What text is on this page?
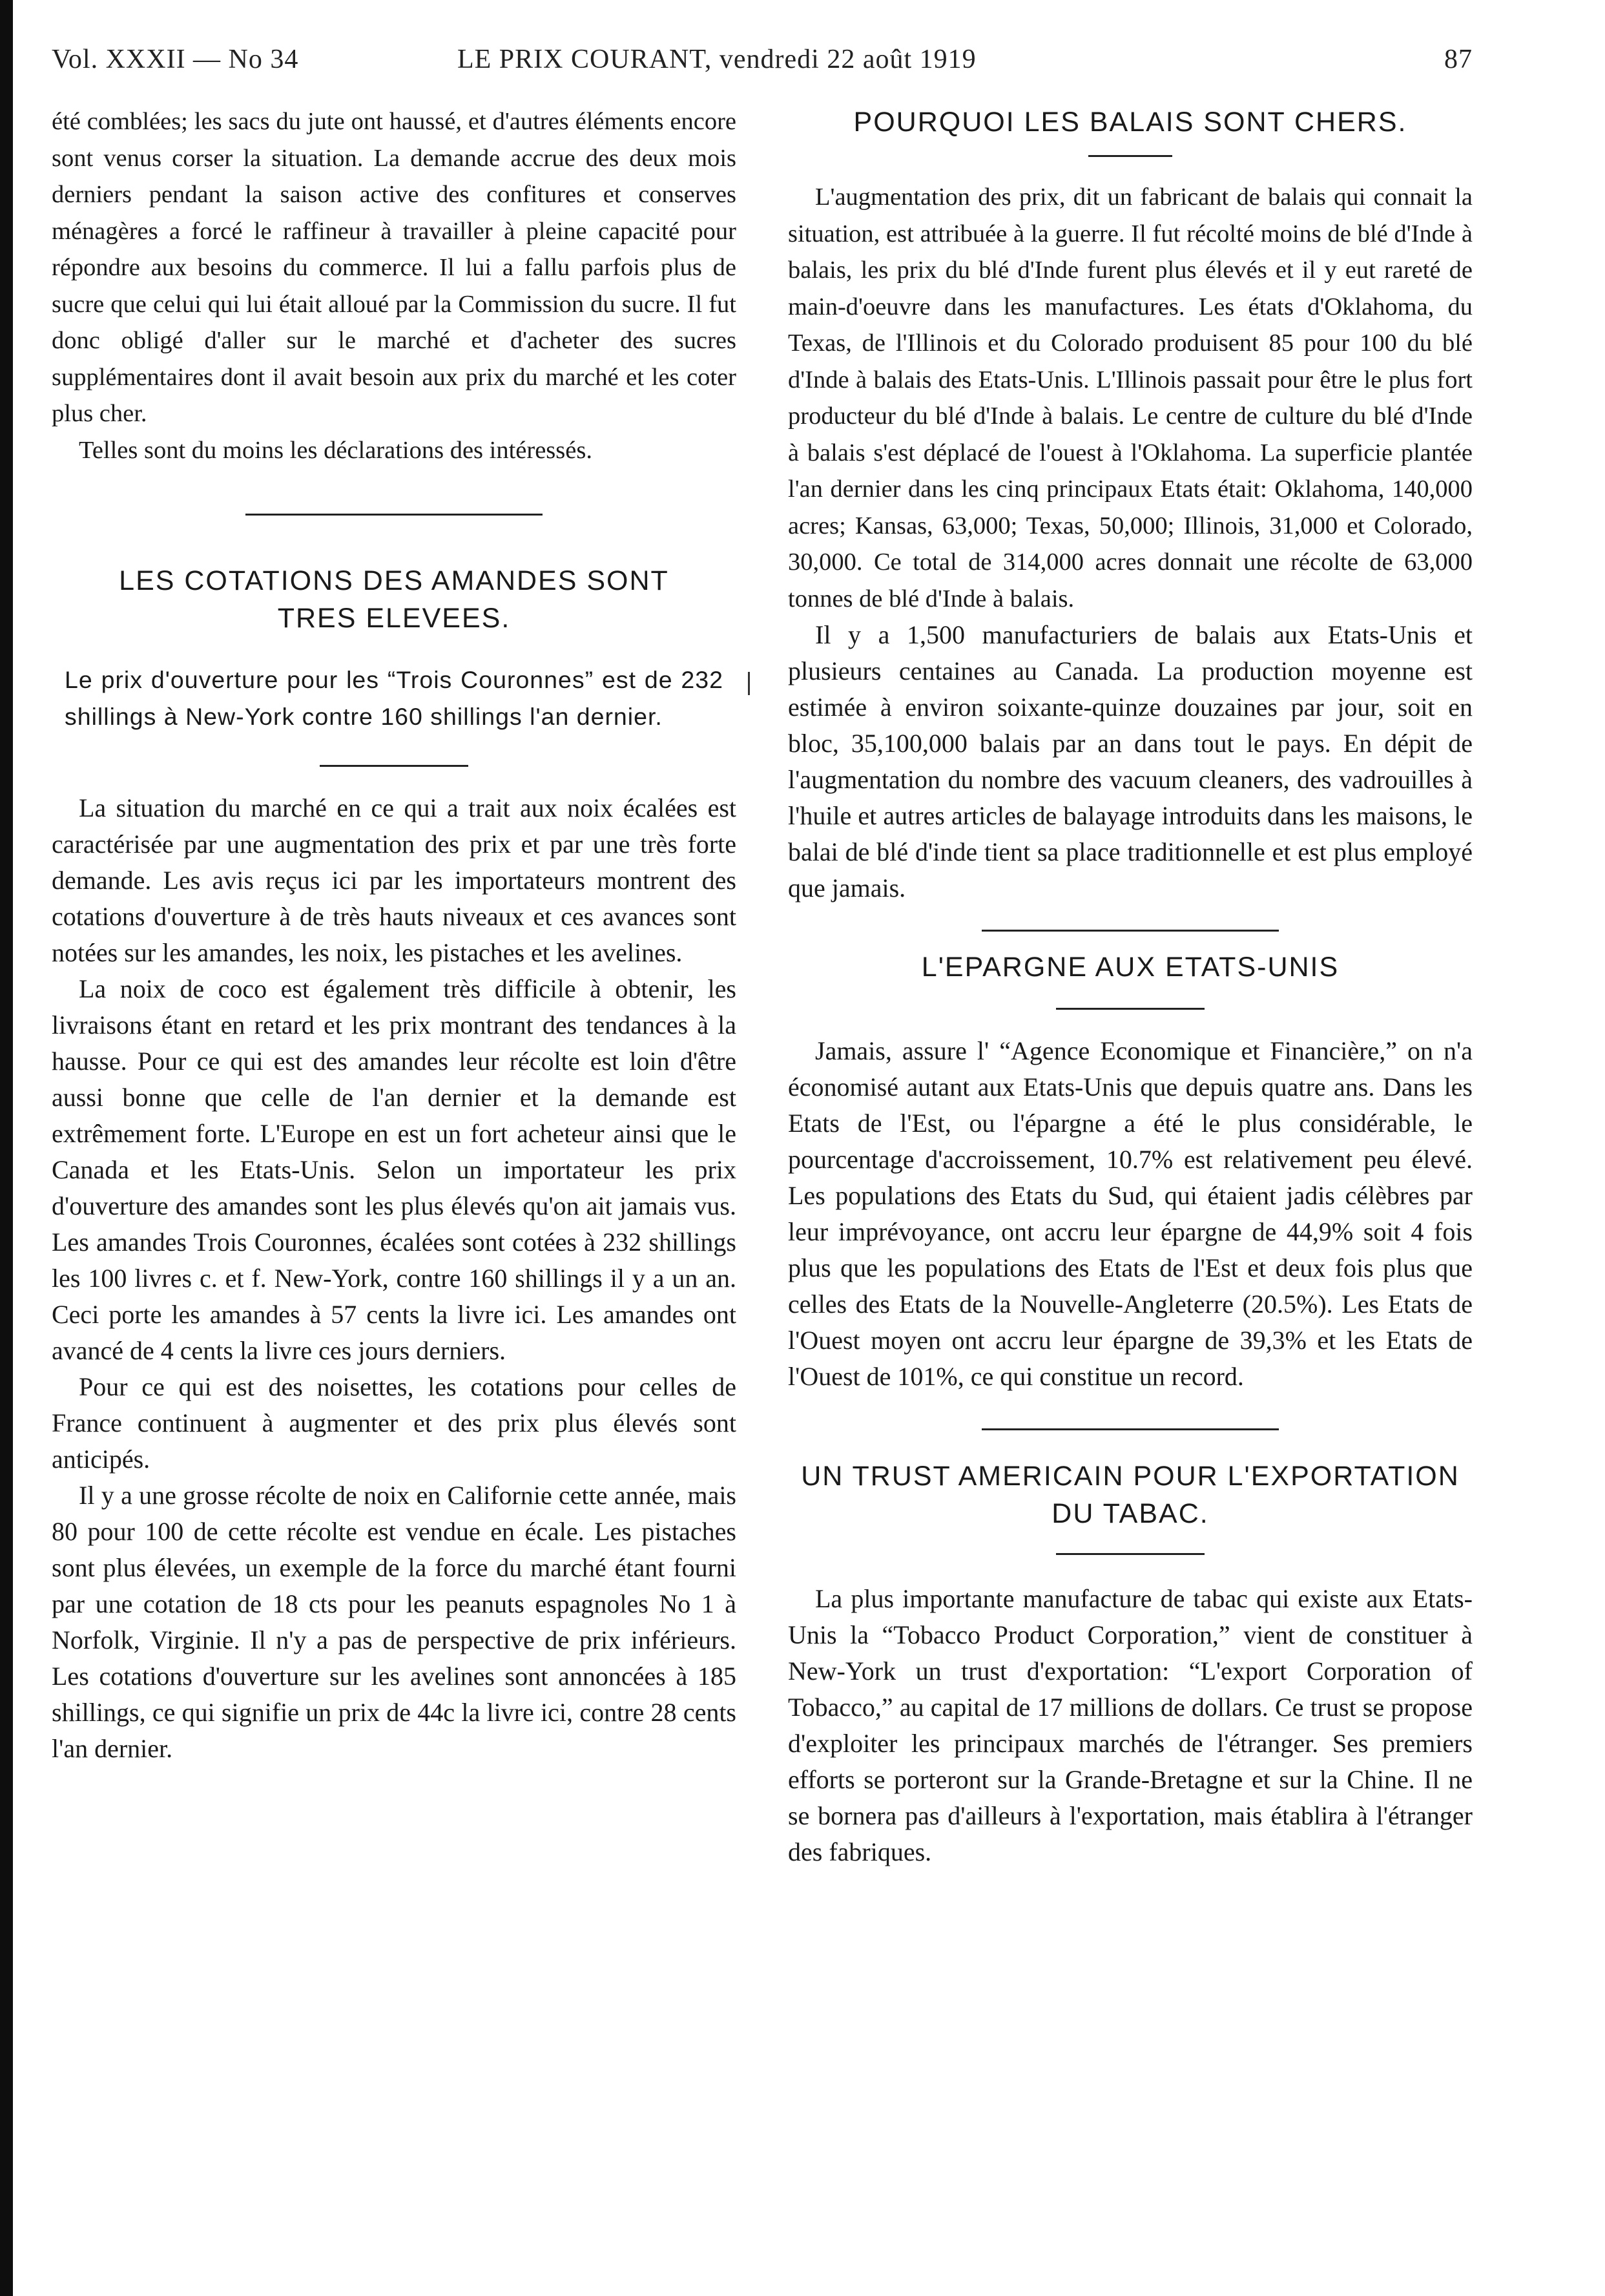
Vol. XXXII — No 34	LE PRIX COURANT, vendredi 22 août 1919	87

été comblées; les sacs du jute ont haussé, et d'autres éléments encore sont venus corser la situation. La demande accrue des deux mois derniers pendant la saison active des confitures et conserves ménagères a forcé le raffineur à travailler à pleine capacité pour répondre aux besoins du commerce. Il lui a fallu parfois plus de sucre que celui qui lui était alloué par la Commission du sucre. Il fut donc obligé d'aller sur le marché et d'acheter des sucres supplémentaires dont il avait besoin aux prix du marché et les coter plus cher.

Telles sont du moins les déclarations des intéressés.

LES COTATIONS DES AMANDES SONT TRES ELEVEES.

Le prix d'ouverture pour les “Trois Couronnes” est de 232 shillings à New-York contre 160 shillings l'an dernier.

La situation du marché en ce qui a trait aux noix écalées est caractérisée par une augmentation des prix et par une très forte demande. Les avis reçus ici par les importateurs montrent des cotations d'ouverture à de très hauts niveaux et ces avances sont notées sur les amandes, les noix, les pistaches et les avelines.

La noix de coco est également très difficile à obtenir, les livraisons étant en retard et les prix montrant des tendances à la hausse. Pour ce qui est des amandes leur récolte est loin d'être aussi bonne que celle de l'an dernier et la demande est extrêmement forte. L'Europe en est un fort acheteur ainsi que le Canada et les Etats-Unis. Selon un importateur les prix d'ouverture des amandes sont les plus élevés qu'on ait jamais vus. Les amandes Trois Couronnes, écalées sont cotées à 232 shillings les 100 livres c. et f. New-York, contre 160 shillings il y a un an. Ceci porte les amandes à 57 cents la livre ici. Les amandes ont avancé de 4 cents la livre ces jours derniers.

Pour ce qui est des noisettes, les cotations pour celles de France continuent à augmenter et des prix plus élevés sont anticipés.

Il y a une grosse récolte de noix en Californie cette année, mais 80 pour 100 de cette récolte est vendue en écale. Les pistaches sont plus élevées, un exemple de la force du marché étant fourni par une cotation de 18 cts pour les peanuts espagnoles No 1 à Norfolk, Virginie. Il n'y a pas de perspective de prix inférieurs. Les cotations d'ouverture sur les avelines sont annoncées à 185 shillings, ce qui signifie un prix de 44c la livre ici, contre 28 cents l'an dernier.

POURQUOI LES BALAIS SONT CHERS.

L'augmentation des prix, dit un fabricant de balais qui connait la situation, est attribuée à la guerre. Il fut récolté moins de blé d'Inde à balais, les prix du blé d'Inde furent plus élevés et il y eut rareté de main-d'oeuvre dans les manufactures. Les états d'Oklahoma, du Texas, de l'Illinois et du Colorado produisent 85 pour 100 du blé d'Inde à balais des Etats-Unis. L'Illinois passait pour être le plus fort producteur du blé d'Inde à balais. Le centre de culture du blé d'Inde à balais s'est déplacé de l'ouest à l'Oklahoma. La superficie plantée l'an dernier dans les cinq principaux Etats était: Oklahoma, 140,000 acres; Kansas, 63,000; Texas, 50,000; Illinois, 31,000 et Colorado, 30,000. Ce total de 314,000 acres donnait une récolte de 63,000 tonnes de blé d'Inde à balais.

Il y a 1,500 manufacturiers de balais aux Etats-Unis et plusieurs centaines au Canada. La production moyenne est estimée à environ soixante-quinze douzaines par jour, soit en bloc, 35,100,000 balais par an dans tout le pays. En dépit de l'augmentation du nombre des vacuum cleaners, des vadrouilles à l'huile et autres articles de balayage introduits dans les maisons, le balai de blé d'inde tient sa place traditionnelle et est plus employé que jamais.

L'EPARGNE AUX ETATS-UNIS

Jamais, assure l' “Agence Economique et Financière,” on n'a économisé autant aux Etats-Unis que depuis quatre ans. Dans les Etats de l'Est, ou l'épargne a été le plus considérable, le pourcentage d'accroissement, 10.7% est relativement peu élevé. Les populations des Etats du Sud, qui étaient jadis célèbres par leur imprévoyance, ont accru leur épargne de 44,9% soit 4 fois plus que les populations des Etats de l'Est et deux fois plus que celles des Etats de la Nouvelle-Angleterre (20.5%). Les Etats de l'Ouest moyen ont accru leur épargne de 39,3% et les Etats de l'Ouest de 101%, ce qui constitue un record.

UN TRUST AMERICAIN POUR L'EXPORTATION DU TABAC.

La plus importante manufacture de tabac qui existe aux Etats-Unis la “Tobacco Product Corporation,” vient de constituer à New-York un trust d'exportation: “L'export Corporation of Tobacco,” au capital de 17 millions de dollars. Ce trust se propose d'exploiter les principaux marchés de l'étranger. Ses premiers efforts se porteront sur la Grande-Bretagne et sur la Chine. Il ne se bornera pas d'ailleurs à l'exportation, mais établira à l'étranger des fabriques.
